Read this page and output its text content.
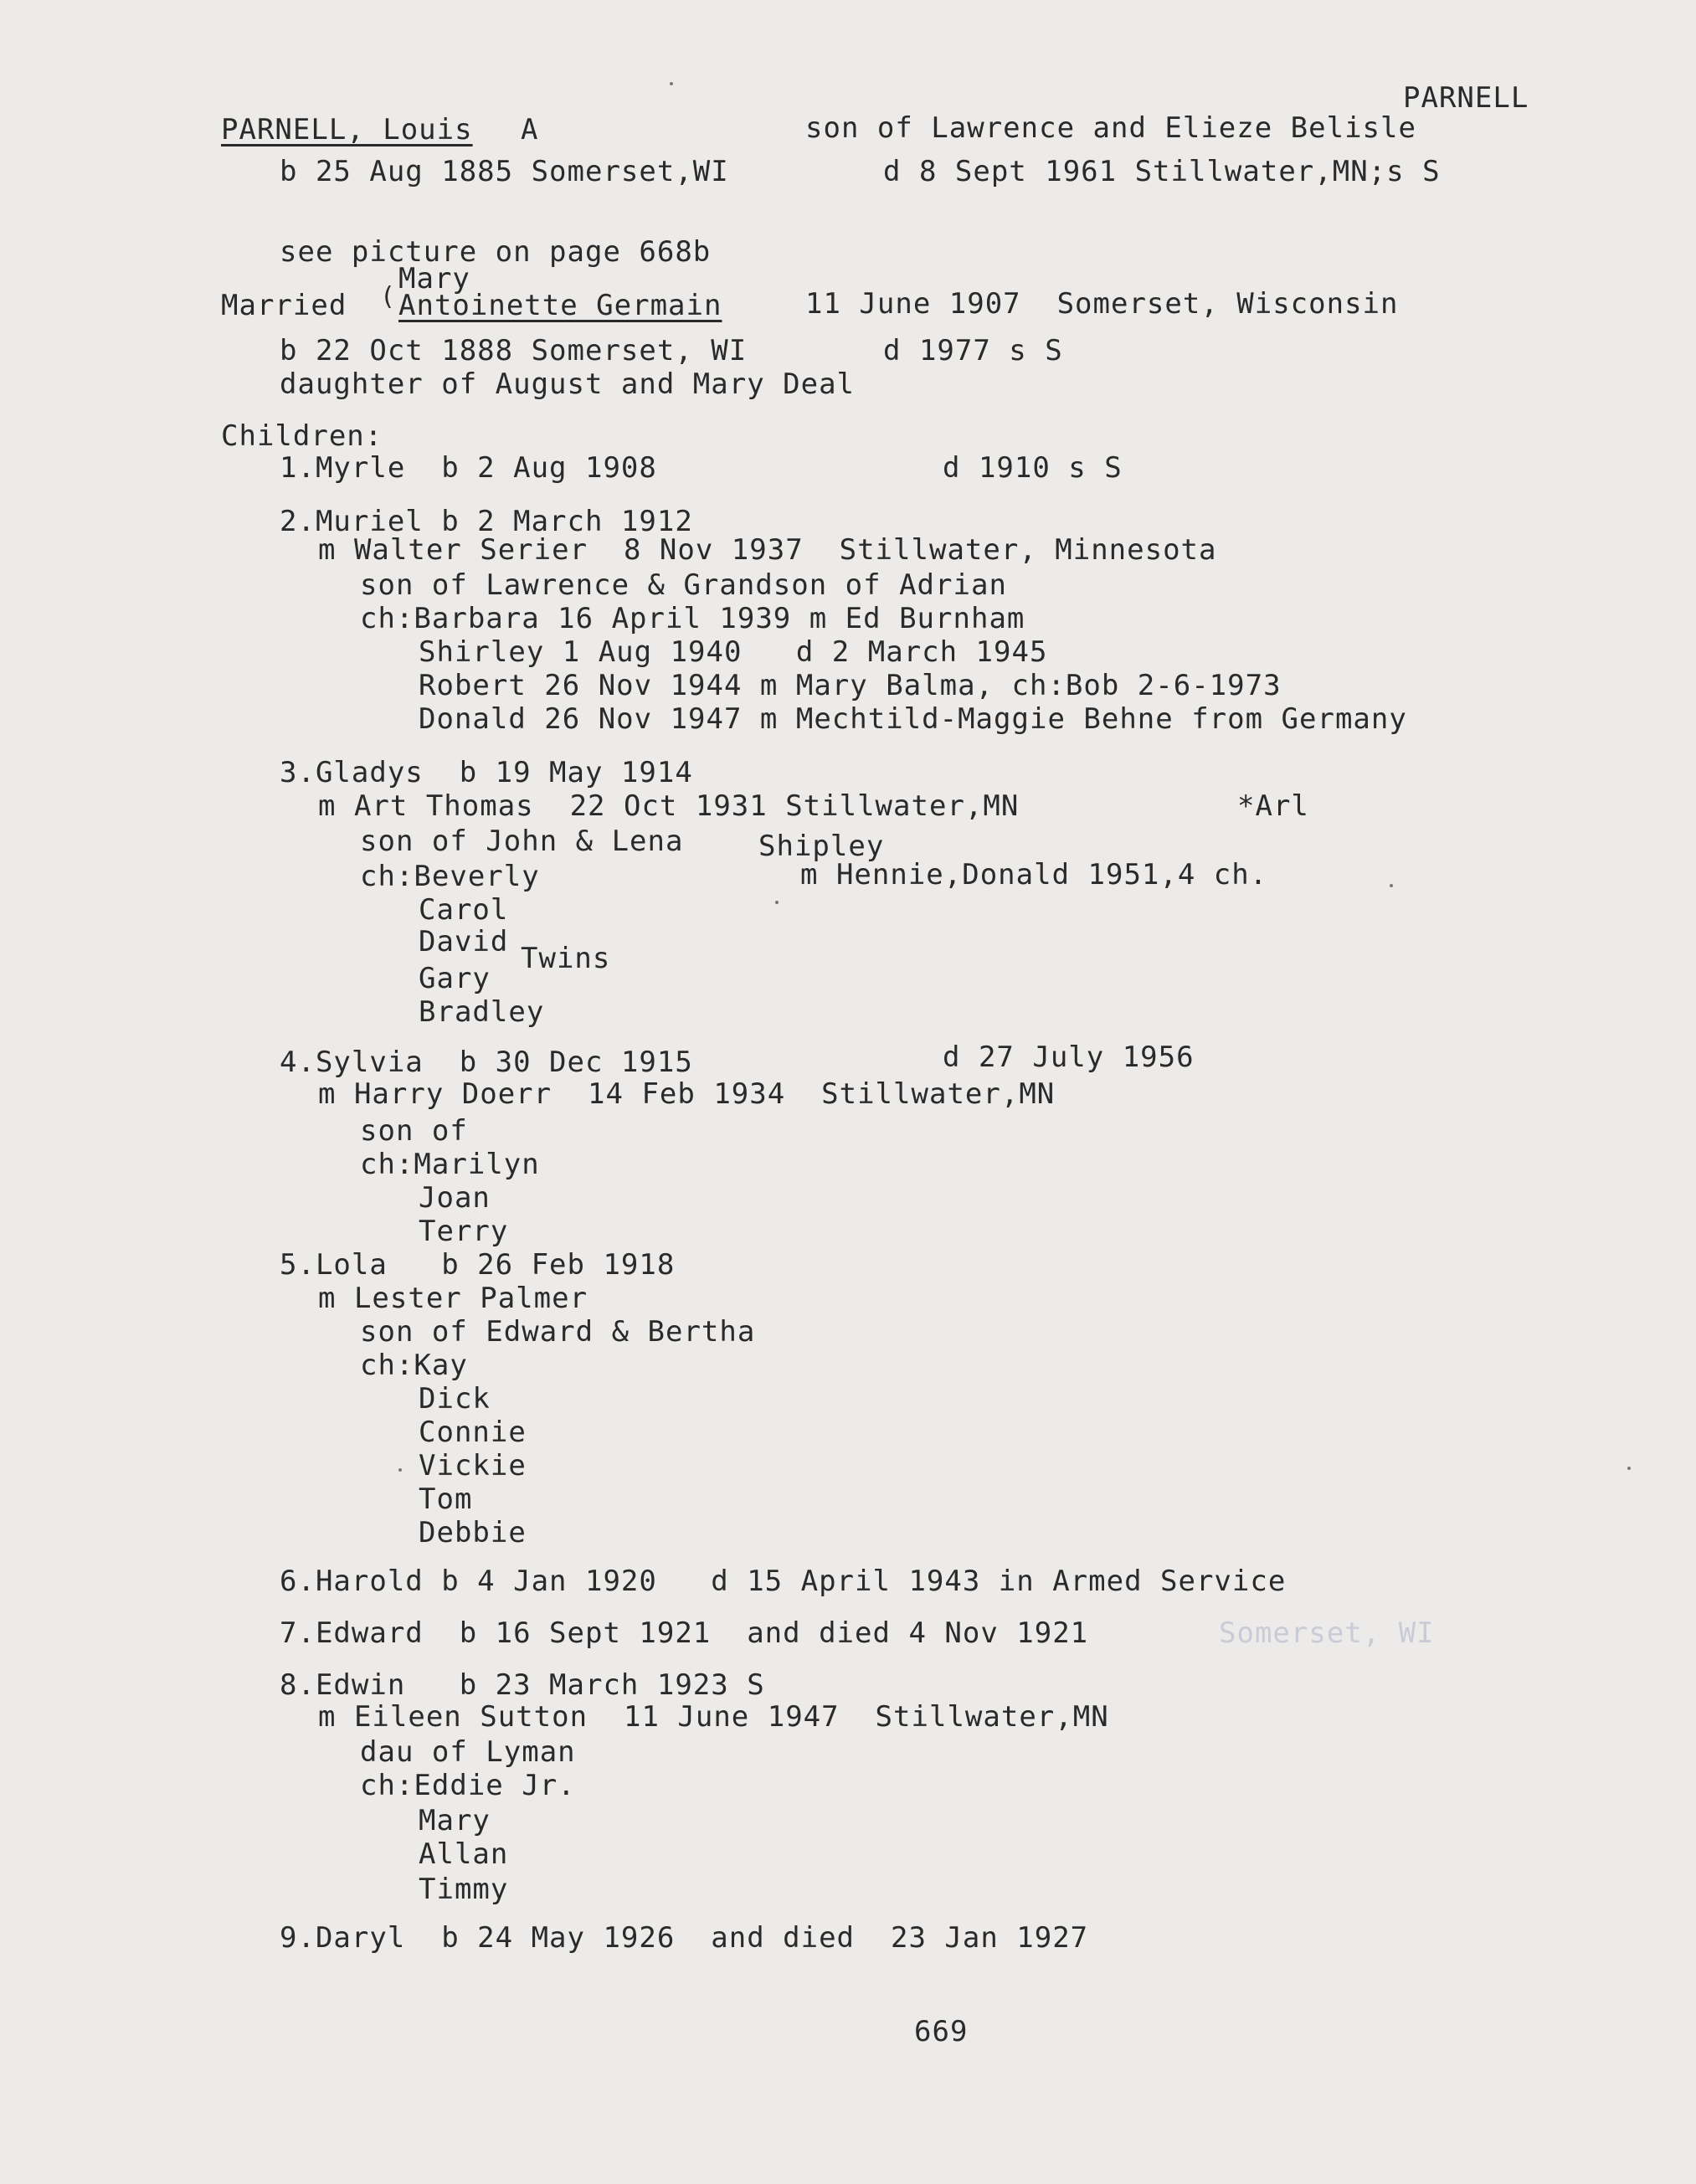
PARNELL
PARNELL, Louis A	son of Lawrence and Elieze Belisle
b 25 Aug 1885 Somerset,WI	d 8 Sept 1961 Stillwater,MN;s S
see picture on page 668b
Mary
Married ( Antoinette Germain	11 June 1907  Somerset, Wisconsin
b 22 Oct 1888 Somerset, WI	d 1977 s S
daughter of August and Mary Deal
Children:
1.Myrle  b 2 Aug 1908	d 1910 s S
2.Muriel b 2 March 1912
m Walter Serier  8 Nov 1937  Stillwater, Minnesota
son of Lawrence & Grandson of Adrian
ch:Barbara 16 April 1939 m Ed Burnham
Shirley 1 Aug 1940   d 2 March 1945
Robert 26 Nov 1944 m Mary Balma, ch:Bob 2-6-1973
Donald 26 Nov 1947 m Mechtild-Maggie Behne from Germany
3.Gladys  b 19 May 1914
m Art Thomas  22 Oct 1931 Stillwater,MN	*Arl
son of John & Lena	Shipley
ch:Beverly	m Hennie,Donald 1951,4 ch.
Carol
David Twins
Gary
Bradley
4.Sylvia  b 30 Dec 1915	d 27 July 1956
m Harry Doerr  14 Feb 1934  Stillwater,MN
son of
ch:Marilyn
Joan
Terry
5.Lola   b 26 Feb 1918
m Lester Palmer
son of Edward & Bertha
ch:Kay
Dick
Connie
Vickie
Tom
Debbie
6.Harold b 4 Jan 1920   d 15 April 1943 in Armed Service
7.Edward  b 16 Sept 1921  and died 4 Nov 1921	Somerset, WI
8.Edwin   b 23 March 1923 S
m Eileen Sutton  11 June 1947  Stillwater,MN
dau of Lyman
ch:Eddie Jr.
Mary
Allan
Timmy
9.Daryl  b 24 May 1926  and died  23 Jan 1927
669
